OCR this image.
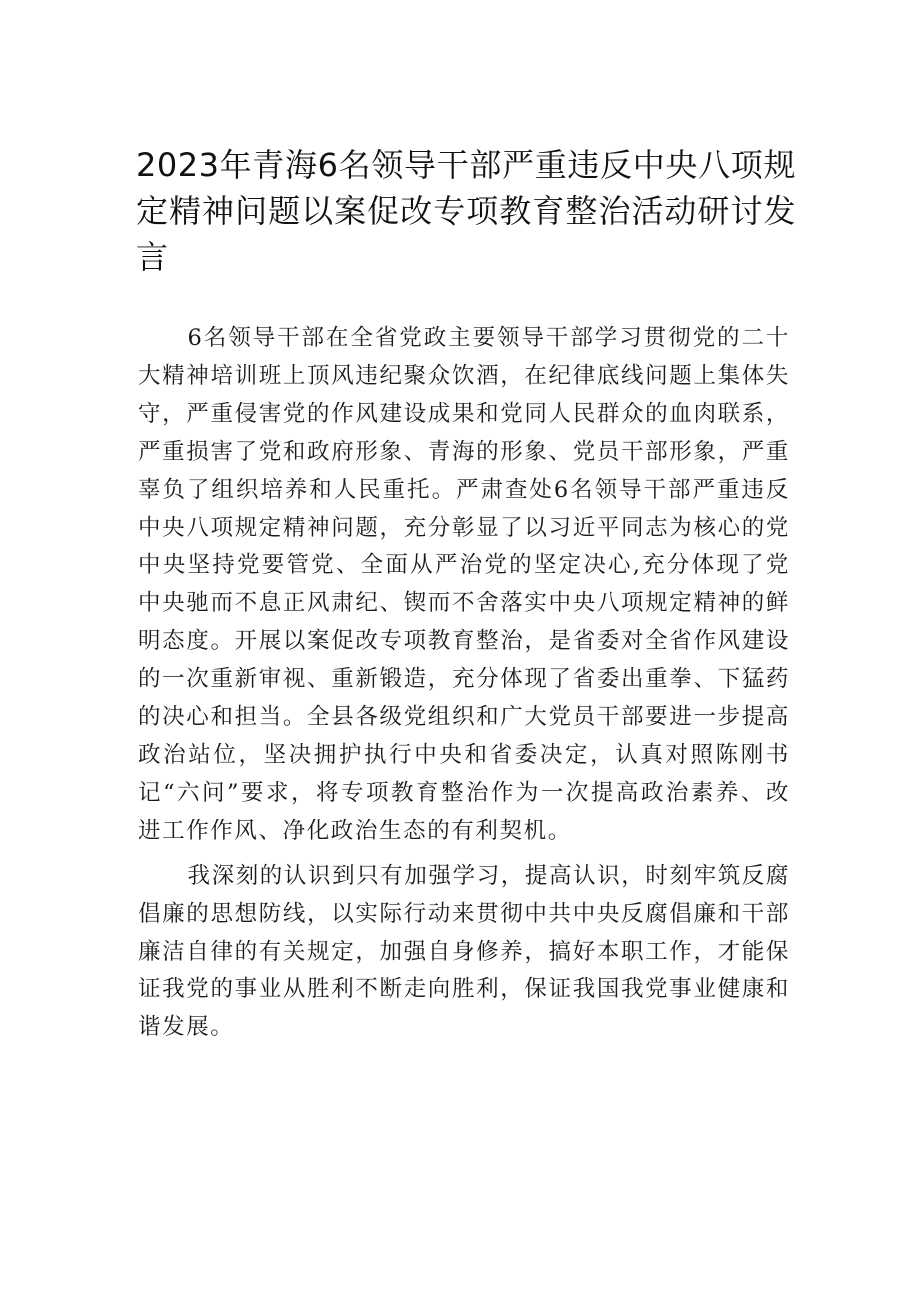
2023年青海6名领导干部严重违反中央八项规定精神问题以案促改专项教育整治活动研讨发言

6名领导干部在全省党政主要领导干部学习贯彻党的二十大精神培训班上顶风违纪聚众饮酒，在纪律底线问题上集体失守，严重侵害党的作风建设成果和党同人民群众的血肉联系，严重损害了党和政府形象、青海的形象、党员干部形象，严重辜负了组织培养和人民重托。严肃查处6名领导干部严重违反中央八项规定精神问题，充分彰显了以习近平同志为核心的党中央坚持党要管党、全面从严治党的坚定决心,充分体现了党中央驰而不息正风肃纪、锲而不舍落实中央八项规定精神的鲜明态度。开展以案促改专项教育整治，是省委对全省作风建设的一次重新审视、重新锻造，充分体现了省委出重拳、下猛药的决心和担当。全县各级党组织和广大党员干部要进一步提高政治站位，坚决拥护执行中央和省委决定，认真对照陈刚书记“六问”要求，将专项教育整治作为一次提高政治素养、改进工作作风、净化政治生态的有利契机。

我深刻的认识到只有加强学习，提高认识，时刻牢筑反腐倡廉的思想防线，以实际行动来贯彻中共中央反腐倡廉和干部廉洁自律的有关规定，加强自身修养，搞好本职工作，才能保证我党的事业从胜利不断走向胜利，保证我国我党事业健康和谐发展。
